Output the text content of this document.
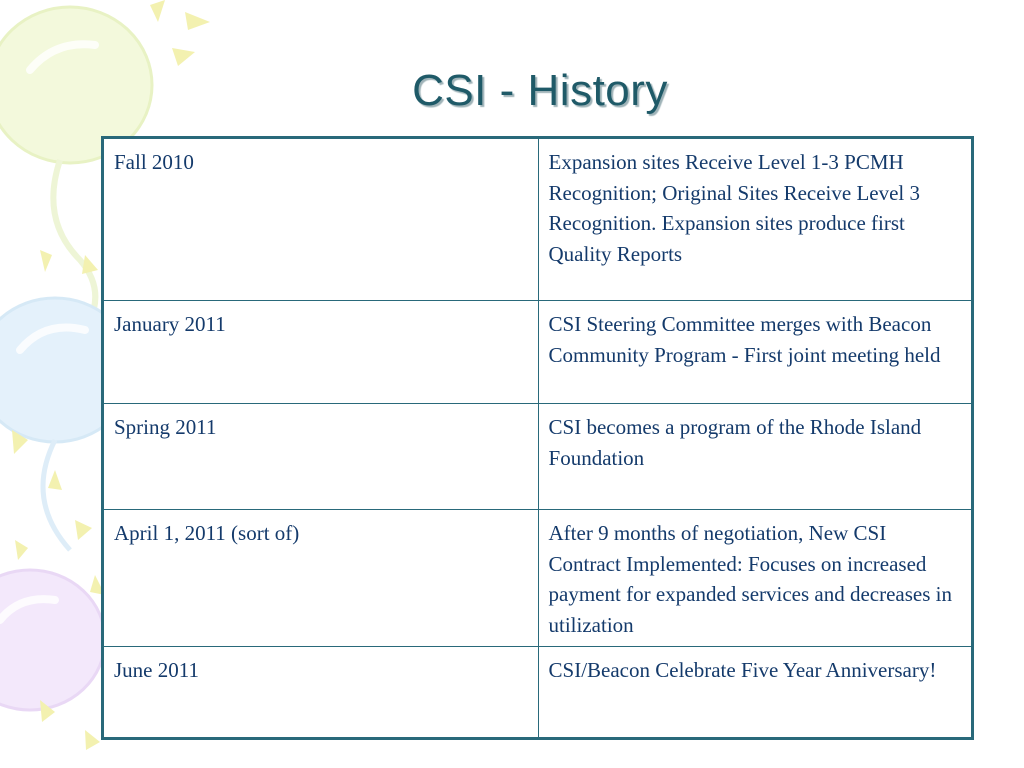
CSI - History
Fall 2010	Expansion sites Receive Level 1-3 PCMH Recognition; Original Sites Receive Level 3 Recognition. Expansion sites produce first Quality Reports
January 2011	CSI Steering Committee merges with Beacon Community Program - First joint meeting held
Spring 2011	CSI becomes a program of the Rhode Island Foundation
April 1, 2011 (sort of)	After 9 months of negotiation, New CSI Contract Implemented: Focuses on increased payment for expanded services and decreases in utilization
June 2011	CSI/Beacon Celebrate Five Year Anniversary!
